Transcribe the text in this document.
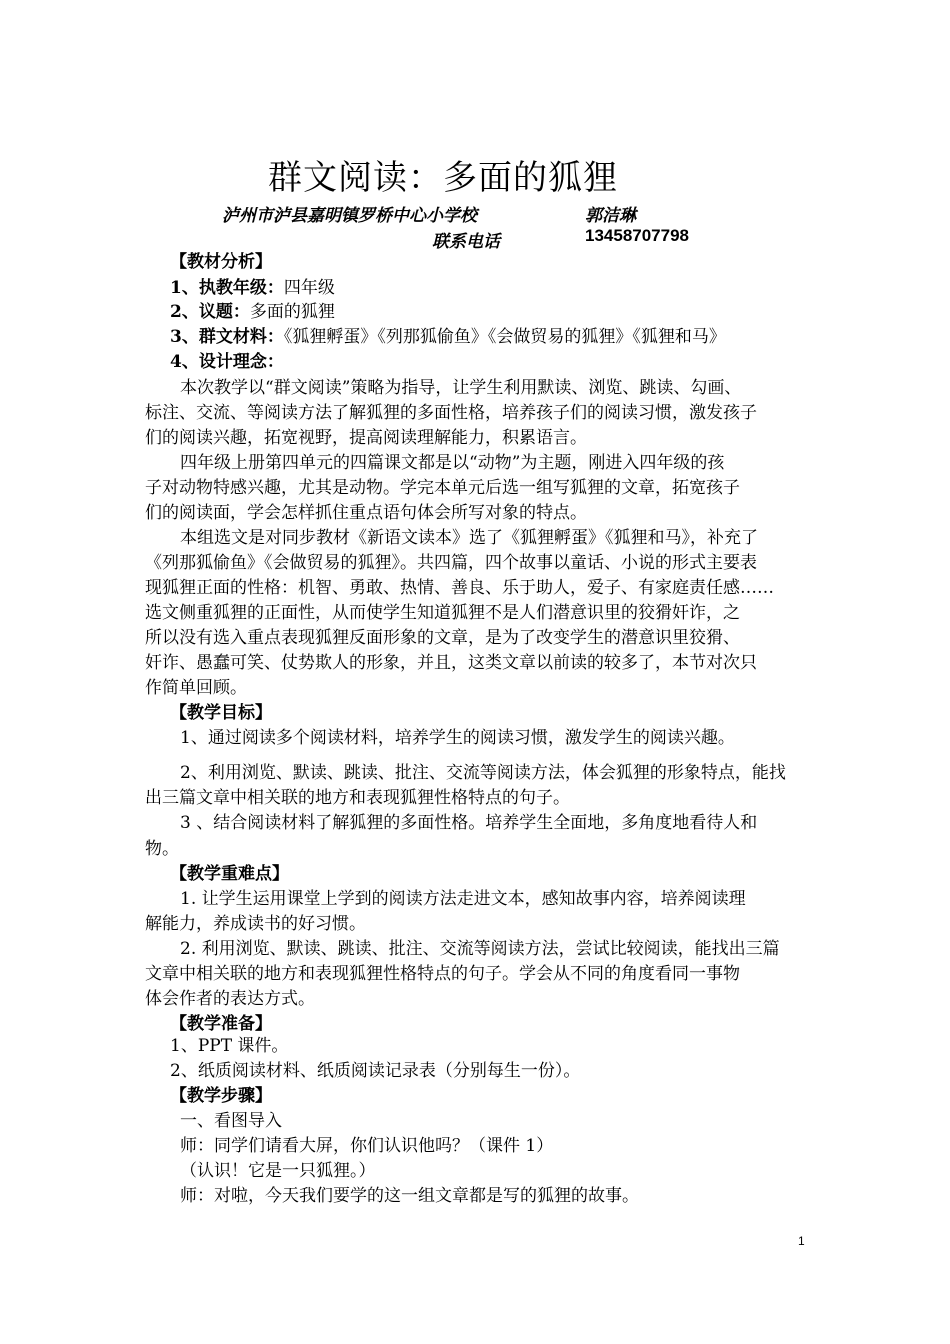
群文阅读：多面的狐狸
泸州市泸县嘉明镇罗桥中心小学校	郭洁琳
联系电话	13458707798
【教材分析】
1、执教年级：四年级
2、议题：多面的狐狸
3、群文材料：《狐狸孵蛋》《列那狐偷鱼》《会做贸易的狐狸》《狐狸和马》
4、设计理念：
本次教学以“群文阅读”策略为指导，让学生利用默读、浏览、跳读、勾画、
标注、交流、等阅读方法了解狐狸的多面性格，培养孩子们的阅读习惯，激发孩子
们的阅读兴趣，拓宽视野，提高阅读理解能力，积累语言。
四年级上册第四单元的四篇课文都是以“动物”为主题，刚进入四年级的孩
子对动物特感兴趣，尤其是动物。学完本单元后选一组写狐狸的文章，拓宽孩子
们的阅读面，学会怎样抓住重点语句体会所写对象的特点。
本组选文是对同步教材《新语文读本》选了《狐狸孵蛋》《狐狸和马》，补充了
《列那狐偷鱼》《会做贸易的狐狸》。共四篇，四个故事以童话、小说的形式主要表
现狐狸正面的性格：机智、勇敢、热情、善良、乐于助人，爱子、有家庭责任感……
选文侧重狐狸的正面性，从而使学生知道狐狸不是人们潜意识里的狡猾奸诈，之
所以没有选入重点表现狐狸反面形象的文章，是为了改变学生的潜意识里狡猾、
奸诈、愚蠢可笑、仗势欺人的形象，并且，这类文章以前读的较多了，本节对次只
作简单回顾。
【教学目标】
1、通过阅读多个阅读材料，培养学生的阅读习惯，激发学生的阅读兴趣。
2、利用浏览、默读、跳读、批注、交流等阅读方法，体会狐狸的形象特点，能找
出三篇文章中相关联的地方和表现狐狸性格特点的句子。
3 、结合阅读材料了解狐狸的多面性格。培养学生全面地，多角度地看待人和
物。
【教学重难点】
1. 让学生运用课堂上学到的阅读方法走进文本，感知故事内容，培养阅读理
解能力，养成读书的好习惯。
2. 利用浏览、默读、跳读、批注、交流等阅读方法，尝试比较阅读，能找出三篇
文章中相关联的地方和表现狐狸性格特点的句子。学会从不同的角度看同一事物
体会作者的表达方式。
【教学准备】
1、PPT 课件。
2、纸质阅读材料、纸质阅读记录表（分别每生一份）。
【教学步骤】
一、看图导入
师：同学们请看大屏，你们认识他吗？（课件 1）
（认识！它是一只狐狸。）
师：对啦，今天我们要学的这一组文章都是写的狐狸的故事。
1
